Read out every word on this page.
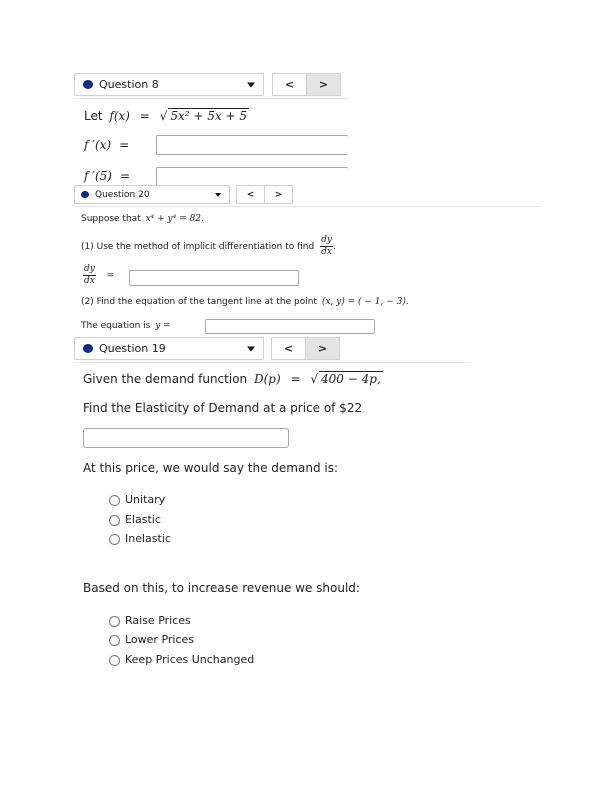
Question 8	<	>
Let f(x) = √ 5x² + 5x + 5
f ′(x) =
f ′(5) =
Question 20	<	>
Suppose that x⁴ + y⁴ = 82.
(1) Use the method of implicit differentiation to find $\frac{dy}{dx}$ .
$\frac{dy}{dx}$ =
(2) Find the equation of the tangent line at the point (x, y) = ( − 1, − 3).
The equation is y =
Question 19	<	>
Given the demand function D(p) = √ 400 − 4p,
Find the Elasticity of Demand at a price of $22
At this price, we would say the demand is:
Unitary
Elastic
Inelastic
Based on this, to increase revenue we should:
Raise Prices
Lower Prices
Keep Prices Unchanged
